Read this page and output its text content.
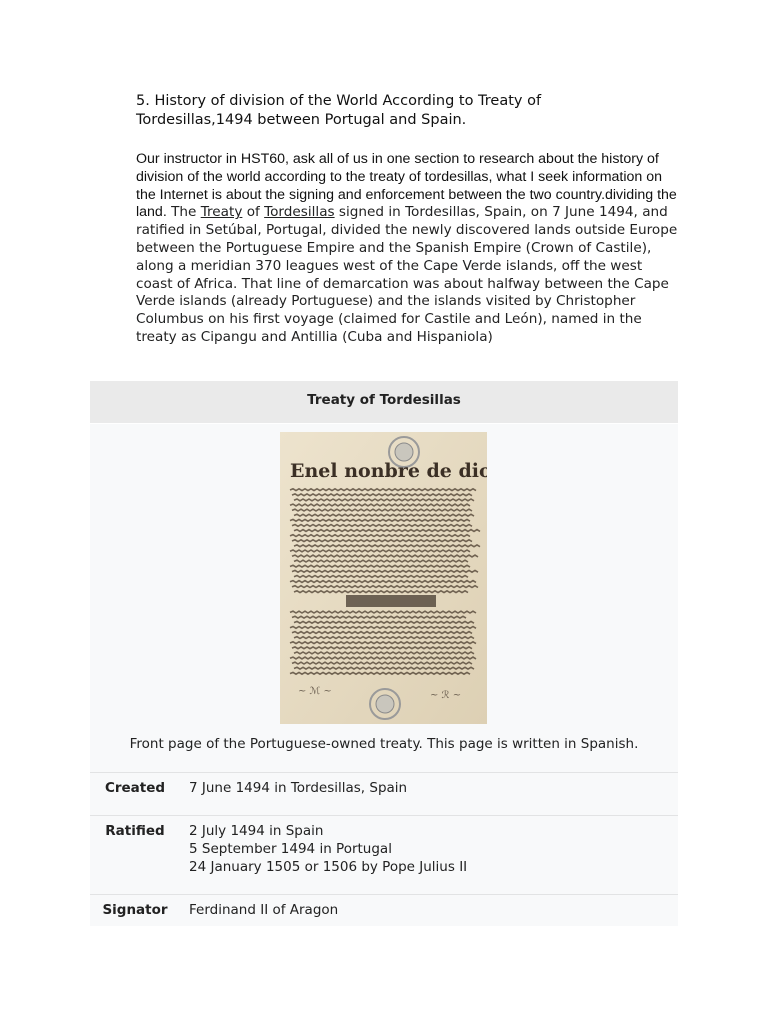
5. History of division of the World According to Treaty of
Tordesillas,1494 between Portugal and Spain.

Our instructor in HST60, ask all of us in one section to research about the history of division of the world according to the treaty of tordesillas, what I seek information on the Internet is about the signing and enforcement between the two country.dividing the land. The Treaty of Tordesillas signed in Tordesillas, Spain, on 7 June 1494, and ratified in Setúbal, Portugal, divided the newly discovered lands outside Europe between the Portuguese Empire and the Spanish Empire (Crown of Castile), along a meridian 370 leagues west of the Cape Verde islands, off the west coast of Africa. That line of demarcation was about halfway between the Cape Verde islands (already Portuguese) and the islands visited by Christopher Columbus on his first voyage (claimed for Castile and León), named in the treaty as Cipangu and Antillia (Cuba and Hispaniola)

Treaty of Tordesillas
Enel nonbre de dios
~ ℳ ~	~ ℛ ~
Front page of the Portuguese-owned treaty. This page is written in Spanish.
Created	7 June 1494 in Tordesillas, Spain
Ratified	2 July 1494 in Spain
5 September 1494 in Portugal
24 January 1505 or 1506 by Pope Julius II
Signator	Ferdinand II of Aragon
